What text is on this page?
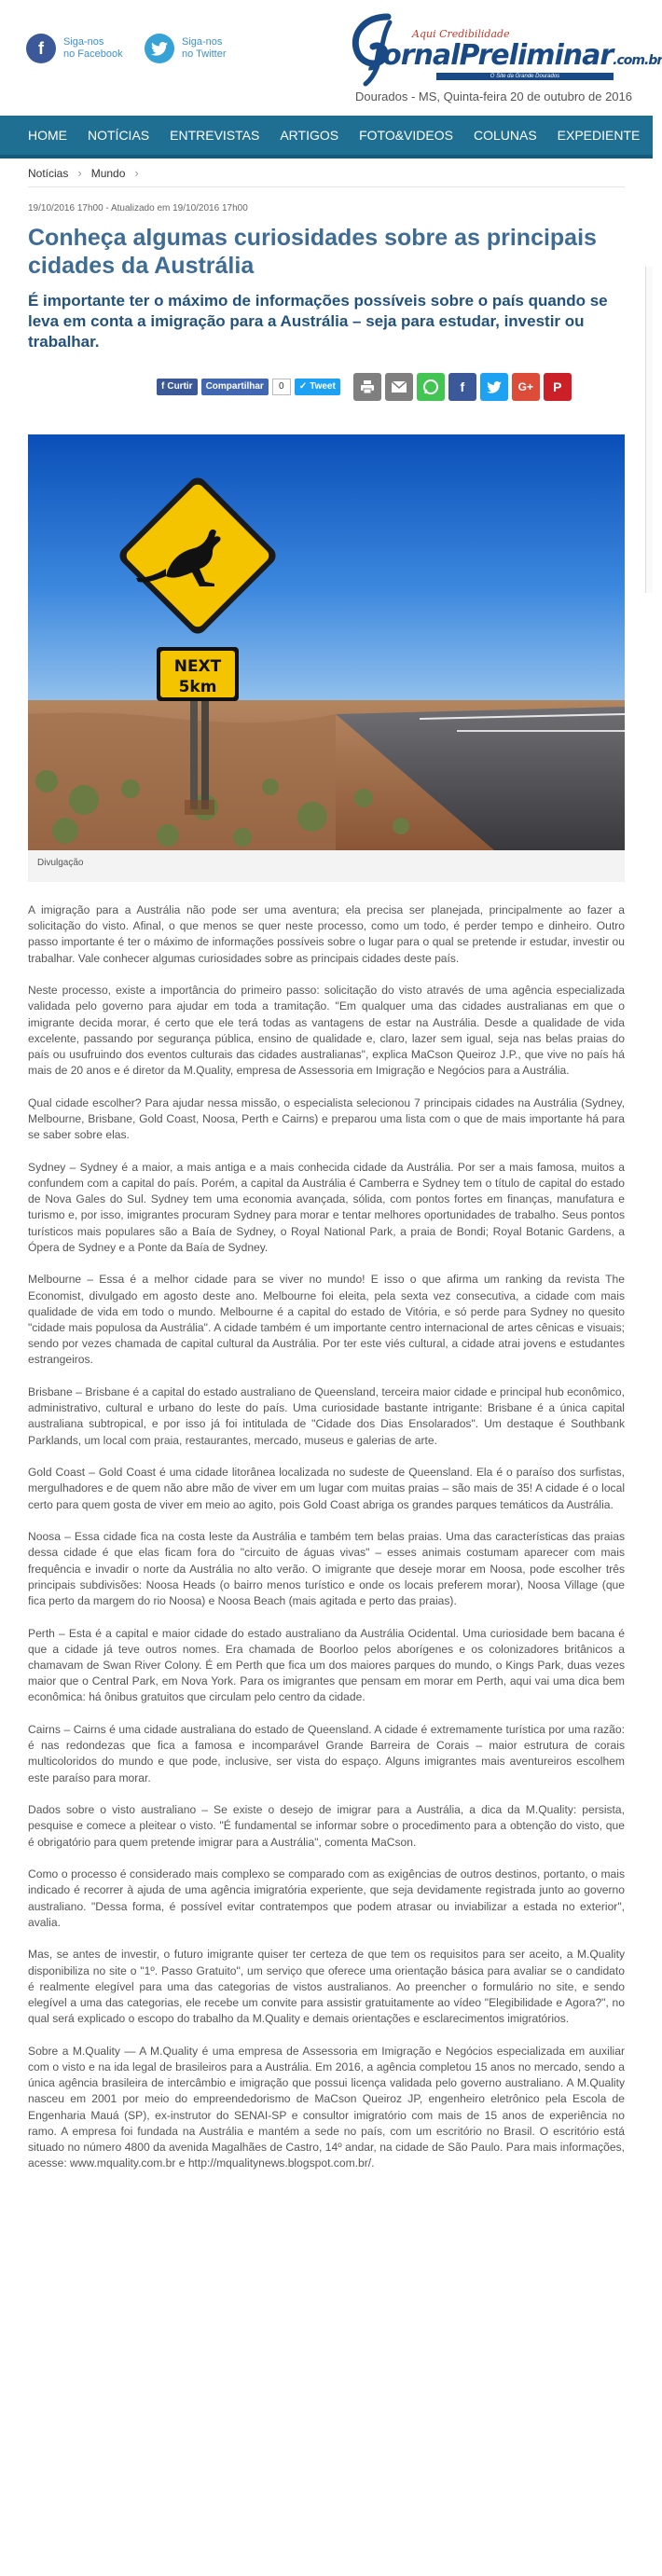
f	Siga-nos
no Facebook
Siga-nos
no Twitter
Aqui Credibilidade
JornalPreliminar.com.br
O Site da Grande Dourados
Dourados - MS, Quinta-feira 20 de outubro de 2016
HOME	NOTÍCIAS	ENTREVISTAS	ARTIGOS	FOTO&VIDEOS	COLUNAS	EXPEDIENTE
Notícias › Mundo ›
19/10/2016 17h00 - Atualizado em 19/10/2016 17h00
Conheça algumas curiosidades sobre as principais cidades da Austrália
É importante ter o máximo de informações possíveis sobre o país quando se leva em conta a imigração para a Austrália – seja para estudar, investir ou trabalhar.
f Curtir	Compartilhar	0	✓ Tweet	f	G+	P
NEXT
5km
Divulgação

A imigração para a Austrália não pode ser uma aventura; ela precisa ser planejada, principalmente ao fazer a solicitação do visto. Afinal, o que menos se quer neste processo, como um todo, é perder tempo e dinheiro. Outro passo importante é ter o máximo de informações possíveis sobre o lugar para o qual se pretende ir estudar, investir ou trabalhar. Vale conhecer algumas curiosidades sobre as principais cidades deste país.

Neste processo, existe a importância do primeiro passo: solicitação do visto através de uma agência especializada validada pelo governo para ajudar em toda a tramitação. "Em qualquer uma das cidades australianas em que o imigrante decida morar, é certo que ele terá todas as vantagens de estar na Austrália. Desde a qualidade de vida excelente, passando por segurança pública, ensino de qualidade e, claro, lazer sem igual, seja nas belas praias do país ou usufruindo dos eventos culturais das cidades australianas", explica MaCson Queiroz J.P., que vive no país há mais de 20 anos e é diretor da M.Quality, empresa de Assessoria em Imigração e Negócios para a Austrália.

Qual cidade escolher? Para ajudar nessa missão, o especialista selecionou 7 principais cidades na Austrália (Sydney, Melbourne, Brisbane, Gold Coast, Noosa, Perth e Cairns) e preparou uma lista com o que de mais importante há para se saber sobre elas.

Sydney – Sydney é a maior, a mais antiga e a mais conhecida cidade da Austrália. Por ser a mais famosa, muitos a confundem com a capital do país. Porém, a capital da Austrália é Camberra e Sydney tem o título de capital do estado de Nova Gales do Sul. Sydney tem uma economia avançada, sólida, com pontos fortes em finanças, manufatura e turismo e, por isso, imigrantes procuram Sydney para morar e tentar melhores oportunidades de trabalho. Seus pontos turísticos mais populares são a Baía de Sydney, o Royal National Park, a praia de Bondi; Royal Botanic Gardens, a Ópera de Sydney e a Ponte da Baía de Sydney.

Melbourne – Essa é a melhor cidade para se viver no mundo! E isso o que afirma um ranking da revista The Economist, divulgado em agosto deste ano. Melbourne foi eleita, pela sexta vez consecutiva, a cidade com mais qualidade de vida em todo o mundo. Melbourne é a capital do estado de Vitória, e só perde para Sydney no quesito "cidade mais populosa da Austrália". A cidade também é um importante centro internacional de artes cênicas e visuais; sendo por vezes chamada de capital cultural da Austrália. Por ter este viés cultural, a cidade atrai jovens e estudantes estrangeiros.

Brisbane – Brisbane é a capital do estado australiano de Queensland, terceira maior cidade e principal hub econômico, administrativo, cultural e urbano do leste do país. Uma curiosidade bastante intrigante: Brisbane é a única capital australiana subtropical, e por isso já foi intitulada de "Cidade dos Dias Ensolarados". Um destaque é Southbank Parklands, um local com praia, restaurantes, mercado, museus e galerias de arte.

Gold Coast – Gold Coast é uma cidade litorânea localizada no sudeste de Queensland. Ela é o paraíso dos surfistas, mergulhadores e de quem não abre mão de viver em um lugar com muitas praias – são mais de 35! A cidade é o local certo para quem gosta de viver em meio ao agito, pois Gold Coast abriga os grandes parques temáticos da Austrália.

Noosa – Essa cidade fica na costa leste da Austrália e também tem belas praias. Uma das características das praias dessa cidade é que elas ficam fora do "circuito de águas vivas" – esses animais costumam aparecer com mais frequência e invadir o norte da Austrália no alto verão. O imigrante que deseje morar em Noosa, pode escolher três principais subdivisões: Noosa Heads (o bairro menos turístico e onde os locais preferem morar), Noosa Village (que fica perto da margem do rio Noosa) e Noosa Beach (mais agitada e perto das praias).

Perth – Esta é a capital e maior cidade do estado australiano da Austrália Ocidental. Uma curiosidade bem bacana é que a cidade já teve outros nomes. Era chamada de Boorloo pelos aborígenes e os colonizadores britânicos a chamavam de Swan River Colony. É em Perth que fica um dos maiores parques do mundo, o Kings Park, duas vezes maior que o Central Park, em Nova York. Para os imigrantes que pensam em morar em Perth, aqui vai uma dica bem econômica: há ônibus gratuitos que circulam pelo centro da cidade.

Cairns – Cairns é uma cidade australiana do estado de Queensland. A cidade é extremamente turística por uma razão: é nas redondezas que fica a famosa e incomparável Grande Barreira de Corais – maior estrutura de corais multicoloridos do mundo e que pode, inclusive, ser vista do espaço. Alguns imigrantes mais aventureiros escolhem este paraíso para morar.

Dados sobre o visto australiano – Se existe o desejo de imigrar para a Austrália, a dica da M.Quality: persista, pesquise e comece a pleitear o visto. "É fundamental se informar sobre o procedimento para a obtenção do visto, que é obrigatório para quem pretende imigrar para a Austrália", comenta MaCson.

Como o processo é considerado mais complexo se comparado com as exigências de outros destinos, portanto, o mais indicado é recorrer à ajuda de uma agência imigratória experiente, que seja devidamente registrada junto ao governo australiano. "Dessa forma, é possível evitar contratempos que podem atrasar ou inviabilizar a estada no exterior", avalia.

Mas, se antes de investir, o futuro imigrante quiser ter certeza de que tem os requisitos para ser aceito, a M.Quality disponibiliza no site o "1º. Passo Gratuito", um serviço que oferece uma orientação básica para avaliar se o candidato é realmente elegível para uma das categorias de vistos australianos. Ao preencher o formulário no site, e sendo elegível a uma das categorias, ele recebe um convite para assistir gratuitamente ao vídeo "Elegibilidade e Agora?", no qual será explicado o escopo do trabalho da M.Quality e demais orientações e esclarecimentos imigratórios.

Sobre a M.Quality — A M.Quality é uma empresa de Assessoria em Imigração e Negócios especializada em auxiliar com o visto e na ida legal de brasileiros para a Austrália. Em 2016, a agência completou 15 anos no mercado, sendo a única agência brasileira de intercâmbio e imigração que possui licença validada pelo governo australiano. A M.Quality nasceu em 2001 por meio do empreendedorismo de MaCson Queiroz JP, engenheiro eletrônico pela Escola de Engenharia Mauá (SP), ex-instrutor do SENAI-SP e consultor imigratório com mais de 15 anos de experiência no ramo. A empresa foi fundada na Austrália e mantém a sede no país, com um escritório no Brasil. O escritório está situado no número 4800 da avenida Magalhães de Castro, 14º andar, na cidade de São Paulo. Para mais informações, acesse: www.mquality.com.br e http://mqualitynews.blogspot.com.br/.
